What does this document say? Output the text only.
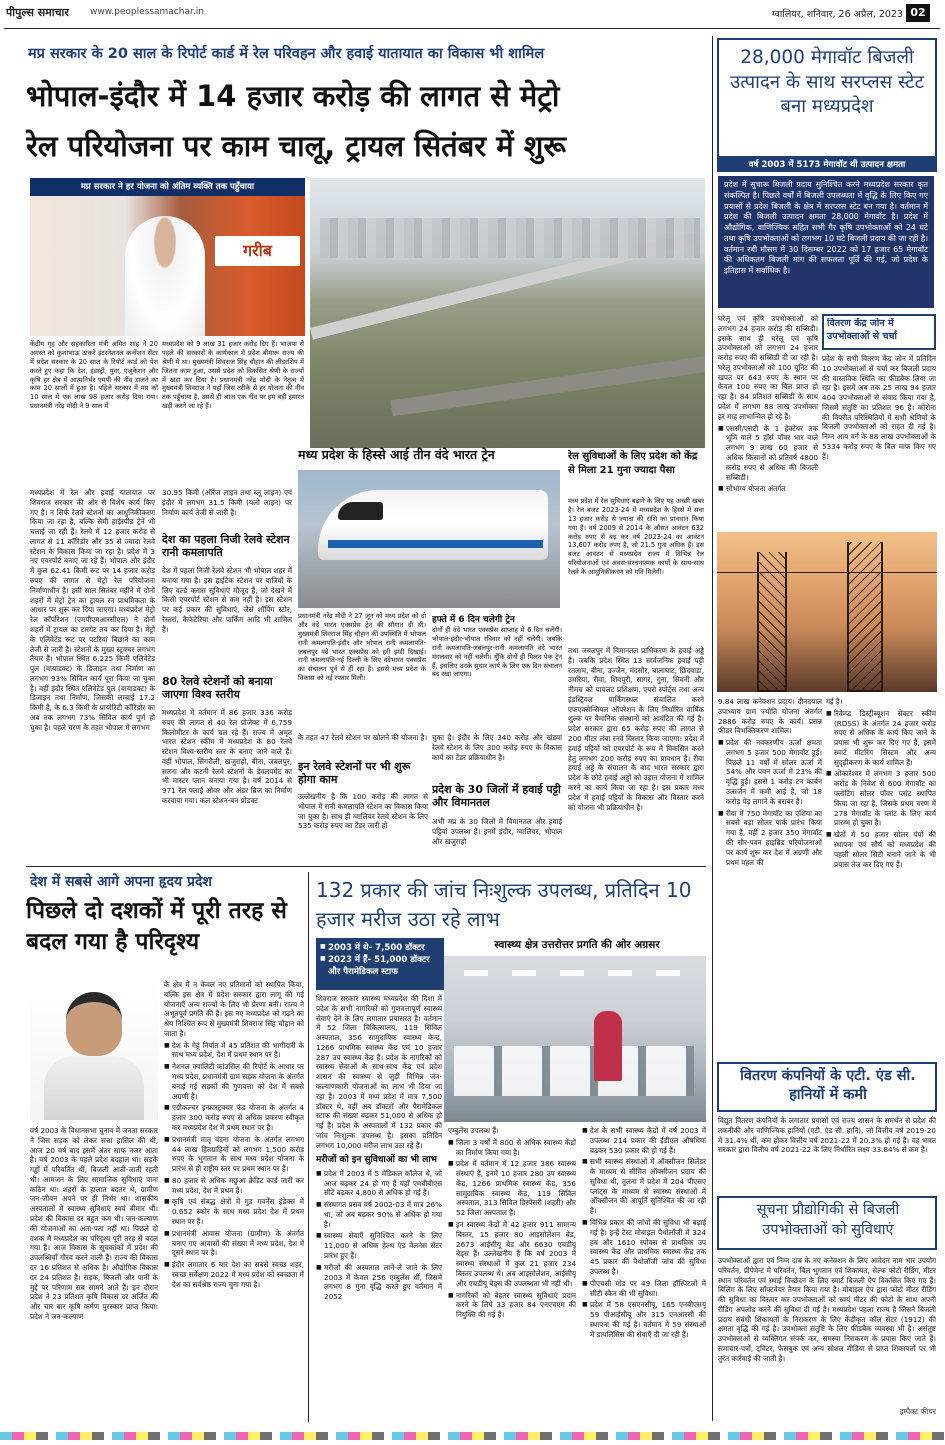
पीपुल्स समाचार	www.peoplessamachar.in	ग्वालियर, शनिवार, 26 अप्रैल, 2023 02
मप्र सरकार के 20 साल के रिपोर्ट कार्ड में रेल परिवहन और हवाई यातायात का विकास भी शामिल
भोपाल-इंदौर में 14 हजार करोड़ की लागत से मेट्रो
रेल परियोजना पर काम चालू, ट्रायल सितंबर में शुरू
मप्र सरकार ने हर योजना को अंतिम व्यक्ति तक पहुँचाया
गरीब
केंद्रीय गृह और सहकारिता मंत्री अमित शाह ने 20 अगस्त को कुशाभाऊ ठाकरे इंटरनेशनल कन्वेंशन सेंटर में प्रदेश सरकार के 20 साल के रिपोर्ट कार्ड को पेश करते हुए कहा कि देश, इंडस्ट्री, युवा, एजुकेशन और कृषि हर क्षेत्र में आत्मनिर्भर एमपी की नींव डालने का काम 20 सालों में हुआ है। पहिले सरकार में मप्र को 10 साल में एक लाख 98 हजार करोड़ दिया गया। प्रधानमंत्री नरेंद्र मोदी ने 9 साल में
मध्यप्रदेश को 9 लाख 31 हजार करोड़ दिए हैं। भाजपा से पहले की सरकारों के कार्यकाल में प्रदेश बीमारू राज्य की श्रेणी में था। मुख्यमंत्री शिवराज सिंह चौहान की लीडरशिप में जितना काम हुआ, उससे प्रदेश को विकसित श्रेणी के राज्यों में खड़ा कर दिया है। प्रधानमंत्री नरेंद्र मोदी के नेतृत्व में मुख्यमंत्री शिवराज ने यहाँ जिस तरीके से हर योजना की नींव तक पहुँचाया है, उससे ही आज एक नींव पर हम बड़ी इमारत खड़ी करने जा रहे हैं।
मध्य प्रदेश के हिस्से आई तीन वंदे भारत ट्रेन
प्रधानमंत्री नरेंद्र मोदी ने 27 जून को मध्य प्रदेश को दो और वंदे भारत एक्सप्रेस ट्रेन की सौगात दी थी। मुख्यमंत्री शिवराज सिंह चौहान की उपस्थिति में भोपाल रानी कमलापति-इंदौर और भोपाल रानी कमलापति-जबलपुर वंदे भारत एक्सप्रेस को हरी झंडी दिखाई। रानी कमलापति-नई दिल्ली के लिए वंदेभारत एक्सप्रेस का संचालन पूर्व से ही रहा है। इससे मध्य प्रदेश के विकास को नई रफ्तार मिली।
हफ्ते में 6 दिन चलेगी ट्रेन
दोनों ही वंदे भारत एक्सप्रेस साप्ताह में 6 दिन चलेंगी। भोपाल-इंदौर-भोपाल रविवार को नहीं चलेगी। जबकि रानी कमलापति-जबलपुर-रानी कमलापति वंदे भारत मंगलवार को नहीं चलेगी। यूँकि दोनों ही मिलन पेक ट्रेन हैं, इसलिए उनके सुधार कार्य के लिए एक दिन संचालन बंद रखा जाएगा।
रेल सुविधाओं के लिए प्रदेश को केंद्र से मिला 21 गुना ज्यादा पैसा
मध्य प्रदेश में रेल सुविधाएं बढ़ाने के लिए यह अच्छी खबर है। रेल बजट 2023-24 में मध्यप्रदेश के हिस्से में सवा 13 हजार करोड़ से ज्यादा की राशि का प्रावधान किया गया है। वर्ष 2009 से 2014 के औसत आवंटन 632 करोड़ रुपए से बढ़ कर वर्ष 2023-24 का आवंटन 13,607 करोड़ रुपए है, जो 21.5 गुना अधिक है। इस बजट आवंटन से मध्यप्रदेश राज्य में विभिन्न रेल परियोजनाओं एवं अवसं-संरचनात्मक कार्यों के साथ-साथ रेलवे के आधुनिकीकरण को गति मिलेगी।
मध्यप्रदेश में रेल और हवाई यातायात पर शिवराज सरकार की ओर से विशेष कार्य किए गए हैं। न सिर्फ रेलवे स्टेशनों का आधुनिकीकरण किया जा रहा है, बल्कि सेमी हाईस्पीड ट्रेनें भी चलाई जा रही हैं। रेलवे में 12 हजार करोड़ से लागत से 11 कॉरिडोर और 35 से ज्यादा रेलवे स्टेशन के विकास किया जा रहा है। प्रदेश में 3 नए एयरपोर्ट बनाए जा रहे हैं। भोपाल और इंदौर में कुल 62.41 किमी रूट पर 14 हजार करोड़ रुपए की लागत से मेट्रो रेल परियोजना निर्माणाधीन है। इसी साल सितंबर महीने में दोनों शहरों में मेट्रो ट्रेन का ट्रायल रन प्राथमिकता के आधार पर शुरू कर दिया जाएगा। मध्यप्रदेश मेट्रो रेल कॉर्पोरेशन (एमपीएमआरसीएल) ने दोनों शहरों में ट्रायल का टारगेट तय कर दिया है। मेट्रो के एलिवेटेड रूट पर पटरियां बिछाने का काम तेजी से जारी है। स्टेशनों के मुख्य स्ट्रक्चर लगभग तैयार हैं। भोपाल स्थित 6.225 किमी एलिवेटेड पुल (वायाडक्ट) के डिजाइन तथा निर्माण का लगभग 93% सिविल कार्य पूरा किया जा चुका है। वहीं इंदौर स्थित एलिवेटेड पुल (वायाडक्ट) के डिजाइन तथा निर्माण, जिसकी लम्बाई 17.2 किमी है, के 6.3 किमी के प्रायोरिटी कॉरिडोर का अब तक लगभग 73% सिविल कार्य पूर्ण हो चुका है। पहले चरण के तहत भोपाल में लगभग
30.95 किमी (ऑरेंज लाइन तथा ब्लू लाइन) एवं इंदौर में लगभग 31.5 किमी (यलो लाइन) पर निर्माण कार्य तेजी से जारी है।
देश का पहला निजी रेलवे स्टेशन रानी कमलापति
देश में पहला निजी रेलवे स्टेशन भी भोपाल शहर में बनाया गया है। इस हाईटेक स्टेशन पर यात्रियों के लिए वर्ल्ड क्लास सुविधाएं मौजूद हैं, जो देखने में किसी एयरपोर्ट स्टेशन से कम नहीं है। इस स्टेशन पर कई प्रकार की सुविधाएं, जैसे शॉपिंग स्टोर, रेस्तरां, कैफेटेरिया और पार्किंग आदि भी शामिल हैं।
80 रेलवे स्टेशनों को बनाया जाएगा विश्व स्तरीय
मध्यप्रदेश में वर्तमान में 86 हजार 336 करोड़ रुपए की लागत से 40 रेल प्रोजेक्ट में 6,759 किलोमीटर के कार्य चल रहे हैं। राज्य में अमृत भारत स्टेशन स्कीम में मध्यप्रदेश के 80 रेलवे स्टेशन विश्व-स्तरीय स्तर के बनाए जाने वाले हैं। वहीं भोपाल, सिंगरौली, खजुराहो, बीना, जबलपुर, सतना और कटनी रेलवे स्टेशनों के डेवलपमेंट का भी मास्टर प्लान बनाया गया है। वर्ष 2014 से 971 रेल फ्लाई ओवर और अंडर ब्रिज का निर्माण करवाया गया। कल स्टेशन-बन प्रोडक्ट
के तहत 47 रेलवे स्टेशन पर खोलने की योजना है।
इन रेलवे स्टेशनों पर भी शुरू होगा काम
उल्लेखनीय है कि 100 करोड़ की लागत से भोपाल में रानी कमलापति स्टेशन का विकास किया जा चुका है। साथ ही ग्वालियर रेलवे स्टेशन के लिए 535 करोड़ रुपए का टेंडर जारी हो
चुका है। इंदौर के लिए 340 करोड़ और खंडवा रेलवे स्टेशन के लिए 300 करोड़ रुपए के विकास कार्य का टेंडर प्रक्रियाधीन है।
प्रदेश के 30 जिलों में हवाई पट्टी और विमानतल
अभी मप्र के 30 जिलों में विमानतल और हवाई पट्टियां उपलब्ध हैं। इनमें इंदौर, ग्वालियर, भोपाल और खजुराहो
तथा जबलपुर में विमानतल प्राधिकरण के हवाई अड्डे हैं। जबकि प्रदेश स्थित 13 सार्वजनिक हवाई पट्टी रतलाम, बीना, उज्जैन, मंदसौर, बालाघाट, छिंदवाड़ा, उमरिया, रीवा, शिवपुरी, सागर, गुना, सिवनी और नीमच को पायलट प्रशिक्षण, एयरो स्पोर्ट्स तथा अन्य इंडस्ट्रियल पार्किंगस्थल संचालित करने एफएक्सेन्सियल ऑपरेशन के लिए निर्धारित वार्षिक शुल्क पर वैमानिक संस्थानों को आवंटित की गई है। प्रदेश सरकार द्वारा 65 करोड़ रुपए की लागत से 200 मीटर लंबा रनवे विस्तार किया जाएगा। प्रदेश में हवाई पट्टियों को एयरपोर्ट के रूप में विकसित करने हेतु लगभग 200 करोड़ रुपए का प्रावधान है। रीवा हवाई अड्डे के संचालन के बाद भारत सरकार द्वारा प्रदेश के छोटे हवाई अड्डों को उड़ान योजना में शामिल करने का कार्य किया जा रहा है। इस प्रकार मध्य प्रदेश में हवाई पट्टियों के विकास और विस्तार करने को योजना भी प्रक्रियाधीन है।
28,000 मेगावॉट बिजली उत्पादन के साथ सरप्लस स्टेट बना मध्यप्रदेश
वर्ष 2003 में 5173 मेगावॉट थी उत्पादन क्षमता
प्रदेश में सुचारू बिजली प्रदाय सुनिश्चित करने मध्यप्रदेश सरकार कृत संकल्पित है। पिछले वर्षों में बिजली उपलब्धता में वृद्धि के लिए किए गए प्रयासों से प्रदेश बिजली के क्षेत्र में सरप्लस स्टेट बन गया है। वर्तमान में प्रदेश की बिजली उत्पादन क्षमता 28,000 मेगावॉट है। प्रदेश में औद्योगिक, वाणिज्यिक सहित सभी गैर कृषि उपभोक्ताओं को 24 घंटे तथा कृषि उपभोक्ताओं को लगभग 10 घंटे बिजली प्रदाय की जा रही है। वर्तमान रबी मौसम में 30 दिसम्बर 2022 को 17 हजार 65 मेगावॉट की अधिकतम बिजली मांग की सफलता पूर्ति की गई, जो प्रदेश के इतिहास में सर्वाधिक है।

घरेलू एवं कृषि उपभोक्ताओं को लगभग 24 हजार करोड़ की सब्सिडी। इसके साथ ही घरेलू एवं कृषि उपभोक्ताओं को लगभग 24 हजार करोड़ रुपए की सब्सिडी दी जा रही है। घरेलू उपभोक्ताओं को 100 यूनिट की खपत पर 643 रुपए के स्थान पर केवल 100 रुपए का बिल प्राप्त हो रहा है। 84 प्रतिशत सब्सिडी के साथ प्रदेश में लगभग 88 लाख उपभोक्ता हर माह लाभान्वित हो रहे हैं।

■ एससी/एसटी के 1 हेक्टेयर तक भूमि वाले 5 हॉर्स पॉवर भार वाले लगभग 9 लाख 60 हजार से अधिक किसानों को प्रतिवर्ष 4800 करोड़ रुपए से अधिक की बिजली सब्सिडी।

■ सौभाग्य योजना अंतर्गत

वितरण केंद्र जोन में उपभोक्ताओं से चर्चा
प्रदेश के सभी वितरण केंद्र जोन में प्रतिदिन 10 उपभोक्ताओं से चर्चा कर बिजली प्रदाय की वास्तविक स्थिति का फीडबैक लिया जा रहा है। इसमें अब तक 25 लाख 94 हजार 404 उपभोक्ताओं से संवाद किया गया है, जिसमें संतुष्टि का प्रतिशत 96 है। कोरोना की विपरीत परिस्थितियों में सभी श्रेणियों के बिजली उपभोक्ताओं को राहत दी गई है। निम्न आय वर्ग के 88 लाख उपभोक्ताओं के 5334 करोड़ रुपए के बिल माफ किए गए हैं।

9.84 लाख कनेक्शन प्रदाय। दीनदयाल उपाध्याय ग्राम ज्योति योजना अंतर्गत 2886 करोड़ रुपए के कार्य। प्रसन्न फीडर विभक्तिकरण शामिल।

■ प्रदेश की नवकरणीय ऊर्जा क्षमता लगभग 5 हजार 500 मेगावॉट हुई। पिछले 11 वर्षों में सोलर ऊर्जा में 54% और पवन ऊर्जा में 23% की वृद्धि हुई। इससे 1 करोड़ टन कार्बन उत्सर्जन में कमी आई है, जो 18 करोड़ पेड़ लगाने के बराबर है।

■ रीवा में 750 मेगावॉट का एशिया का सबसे बड़ा सोलर पार्क प्रारंभ किया गया है, वहीं 2 हजार 350 मेगावॉट की सौर-पवन हाइब्रिड परियोजनाओं पर कार्य शुरू कर देश में अग्रणी और प्रथम पहल की

गई है।

■ रिवेम्प्ड डिस्ट्रीब्यूशन सेक्टर स्कीम (RDSS) के अंतर्गत 24 हजार करोड़ रुपए से अधिक के कार्य किए जाने के प्रयास भी शुरू कर दिए गए हैं, इसमें स्मार्ट मीटरिंग सिस्टम और अन्य सुदृढ़ीकरण के कार्य शामिल हैं।

■ ओंकारेश्वर में लगभग 3 हजार 500 करोड़ के निवेश से 600 मेगावॉट का फ्लोटिंग सोलर पॉवर प्लांट स्थापित किया जा रहा है, जिसके प्रथम चरण में 278 मेगावॉट के प्लांट के लिए कार्य प्रारम्भ हो चुका है।

■ खेतों में 50 हजार सोलर पंपों की स्थापना एवं सौर्य को मध्यप्रदेश की पहली सोलर सिटी बनाने जाने के भी प्रयास तेज कर दिए गए हैं।

वितरण कंपनियों के एटी. एंड सी. हानियों में कमी
विद्युत वितरण कंपनियों के लगातार प्रयासों एवं राज्य शासन के समर्थन से प्रदेश की तकनीकी और वाणिज्यिक हानियों (एटी. एंड सी. हानि), जो वित्तीय वर्ष 2019-20 में 31.4% थीं, कम होकर वित्तीय वर्ष 2021-22 में 20.3% हो गई हैं। यह भारत सरकार द्वारा वित्तीय वर्ष 2021-22 के लिए निर्धारित लक्ष्य 33.84% से कम है।
सूचना प्रौद्योगिकी से बिजली उपभोक्ताओं को सुविधाएं
उपभोक्ताओं द्वारा एवं निम्न दाब के नए कनेक्शन के लिए आवेदन नाम भार उपयोग परिवर्तन, प्रीपेमेन्ट में परिवर्तन, बिल भुगतान एवं शिकायत, सेल्फ फोटो रीडिंग, मीटर स्थान परिवर्तन एवं स्थाई विच्छेदन के लिए स्मार्ट बिजली ऐप विकसित किए गए हैं। बिलिंग के लिए सॉफ्टवेयर तैयार किया गया है। मोबाइल ऐप द्वारा फोटो मीटर रीडिंग की सुविधा का विस्तार कर उपभोक्ताओं को स्वयं मीटर की फोटो के साथ अपनी रीडिंग अपलोड करने की सुविधा दी गई है। मध्यप्रदेश पहला राज्य है जिसने बिजली प्रदाय संबंधी शिकायतों के निराकरण के लिए केंद्रीकृत कॉल सेंटर (1912) की क्षमता वृद्धि की गई है। उपभोक्ता संतुष्टि के लिए फीडबैक व्यवस्था भी है। असंतुष्ट उपभोक्ताओं से व्यक्तिगत संपर्क कर, समस्या निराकरण के प्रयास किए जाते हैं। समाचार-पत्रों, ट्विटर, फेसबुक एवं अन्य सोशल मीडिया से प्राप्त शिकायतों पर भी तुरंत कार्रवाई की जाती है।
इम्पैक्ट फीचर
देश में सबसे आगे अपना हृदय प्रदेश
पिछले दो दशकों में पूरी तरह से बदल गया है परिदृश्य
वर्ष 2003 के विधानसभा चुनाव में जनता सरकार ने जिस सड़क को लेकर सत्ता हासिल की थी, आज 20 वर्ष बाद इसमें अंतर साफ नजर आता है। वर्ष 2003 के पहले प्रदेश बदहाल था। सड़कें गड्ढों में परिवर्तित थीं, बिजली आती-जाती रहती थी। आमजन के लिए सामाजिक सुविधाएं पाना कठिन था। शहरों के हालात बदतर थे, ग्रामीण जन-जीवन अपने पर ही निर्भर था। शासकीय अस्पतालों में स्वास्थ्य सुविधाएं स्वयं बीमार थीं। प्रदेश की विकास दर बहुत कम थी। जन-कल्याण की योजनाओं का अता-पता नहीं था। पिछले दो दशक में मध्यप्रदेश का परिदृश्य पूरी तरह से बदल गया है। आज विकास के सूचकांकों में प्रदेश की उपलब्धियाँ गौरव करने वाली हैं। राज्य की विकास दर 16 प्रतिशत से अधिक है। औद्योगिक विकास दर 24 प्रतिशत है। सड़क, बिजली और पानी के मुद्दे पर परिणाम सब सामने आते हैं। इन दौरान प्रदेश ने 23 प्रतिशत कृषि विकास दर अर्जित की और चार बार कृषि कर्मण पुरस्कार प्राप्त किया। प्रदेश ने जन-कल्याण

के क्षेत्र में न केवल नए प्रतिमानों को स्थापित किया, बल्कि इस क्षेत्र में प्रदेश सरकार द्वारा लागू की गई योजनाएँ अन्य राज्यों के लिए भी प्रेरणा बनी। राज्य ने अभूतपूर्व प्रगति की है। इस नए मध्यप्रदेश को गढ़ने का श्रेय निश्चित रूप से मुख्यमंत्री शिवराज सिंह चौहान को जाता है।

■ देश के गेहूं निर्यात में 45 प्रतिशत की भागीदारी के साथ मध्य प्रदेश, देश में प्रथम स्थान पर है।

■ नेशनल क्वालिटी कांउसिल की रिपोर्ट के आधार पर मध्य प्रदेश, प्रधानमंत्री ग्राम सड़क योजना के अंतर्गत बनाई गई सड़कों की गुणवत्ता को देश में सबसे अग्रणी है।

■ एग्रीकल्चर इन्फ्रास्ट्रक्चर फंड योजना के अंतर्गत 4 हजार 300 करोड़ रुपए से अधिक प्रकरण स्वीकृत कर मध्यप्रदेश देश में प्रथम स्थान पर है।

■ प्रधानमंत्री मातृ वंदना योजना के अंतर्गत लगभग 44 लाख हितग्राहियों को लगभग 1,500 करोड़ रुपए के भुगतान के साथ मध्य प्रदेश योजना के प्रारंभ से ही राष्ट्रीय स्तर पर प्रथम स्थान पर है।

■ 80 हजार से अधिक मछुआ क्रेडिट कार्ड जारी कर मध्य प्रदेश, देश में प्रथम है।

■ कृषि एवं संबद्ध क्षेत्रों में गुड गवर्नेंस इंडेक्स में 0.652 स्कोर के साथ मध्य प्रदेश देश में प्रथम स्थान पर है।

■ प्रधानमंत्री आवास योजना (ग्रामीण) के अंतर्गत बनाए गए आवासों की संख्या में मध्य प्रदेश, देश में दूसरे स्थान पर है।

■ इंदौर लगातार 6 बार देश का सबसे स्वच्छ शहर, स्वच्छ सर्वेक्षण 2022 में मध्य प्रदेश को स्वच्छता में देश का सर्वश्रेष्ठ राज्य चुना गया है।

132 प्रकार की जांच निःशुल्क उपलब्ध, प्रतिदिन 10 हजार मरीज उठा रहे लाभ
■ 2003 में थे- 7,500 डॉक्टर
■ 2023 में हैं- 51,000 डॉक्टर और पैरामेडिकल स्टाफ
स्वास्थ्य क्षेत्र उत्तरोत्तर प्रगति की ओर अग्रसर

शिवराज सरकार स्वास्थ्य मध्यप्रदेश की दिशा में प्रदेश के सभी नागरिकों को गुणवत्तापूर्ण स्वास्थ्य सेवाएं देने के लिए लगातार प्रयासरत है। वर्तमान में 52 जिला चिकित्सालय, 119 सिविल अस्पताल, 356 सामुदायिक स्वास्थ्य केन्द्र, 1266 प्राथमिक स्वास्थ्य केंद्र एवं 10 हजार 287 उप स्वास्थ्य केंद्र हैं। प्रदेश के नागरिकों को स्वास्थ्य सेवाओं के साथ-साथ केंद्र एवं प्रदेश शासन की स्वास्थ्य से जुड़ी विभिन्न जन-कल्याणकारी योजनाओं का लाभ भी दिया जा रहा है। 2003 में मध्य प्रदेश में मात्र 7,500 डॉक्टर थे, वहीं अब डॉक्टरों और पैरामेडिकल स्टाफ की संख्या बढ़कर 51,000 से अधिक हो गई है। प्रदेश के अस्पतालों में 132 प्रकार की जांच निःशुल्क उपलब्ध है। इसका प्रतिदिन लगभग 10,000 मरीज लाभ उठा रहे हैं।

मरीजों को इन सुविधाओं का भी लाभ

■ प्रदेश में 2003 में 5 मेडिकल कॉलेज थे, जो आज बढ़कर 24 हो गए हैं यहाँ एमबीबीएस सीटें बढ़कर 4,800 से अधिक हो गई हैं।

■ संस्थागत प्रसव वर्ष 2002-03 में मात्र 26% था, जो अब बढ़कर 90% से अधिक हो गया है।

■ स्वास्थ्य सेवाएँ सुनिश्चित करने के लिए 11,000 से अधिक हेल्थ एंड वेलनेस सेंटर प्रारंभ हुए हैं।

■ मरीजों की अस्पताल लाने-ले जाने के लिए 2003 में केवल 256 एम्बुलेंस थीं, जिसमें लगभग 8 गुना वृद्धि करते हुए वर्तमान में 2052

एम्बुलेंस उपलब्ध हैं।

■ जिला 3 वर्षों में 800 से अधिक स्वास्थ्य केंद्रों का निर्माण किया गया है।

■ प्रदेश में वर्तमान में 12 हजार 386 स्वास्थ्य संस्थाएं हैं, इनमें 10 हजार 280 उप स्वास्थ्य केंद्र, 1266 प्राथमिक स्वास्थ्य केंद्र, 356 सामुदायिक स्वास्थ्य केंद्र, 119 सिविल अस्पताल, 313 सिविल डिस्पेंसरी (शहरी) और 52 जिला अस्पताल हैं।

■ इन स्वास्थ्य केंद्रों में 42 हजार 911 सामान्य बिस्तर, 15 हजार 80 आइसोलेशन बेड, 2673 आईसीयू बेड और 6630 एचडीयू बेड्स हैं। उल्लेखनीय है कि वर्ष 2003 में स्वास्थ्य संस्थाओं में कुल 21 हजार 234 बिस्तर उपलब्ध थे। अब आइसोलेशन, आईसीयू और एचडीयू बेड्स की उपलब्धता भी नहीं थी।

■ नागरिकों को बेहतर स्वास्थ्य सुविधाएं प्रदान करने के लिये 33 हजार 84 एनएचएम की नियुक्ति की गई है।

■ देश के सभी स्वास्थ्य केंद्रों में वर्ष 2003 में उपलब्ध 214 प्रकार की ईडीएल औषधियां बढ़कर 530 प्रकार की हो गई हैं।

■ सभी स्वास्थ्य संस्थाओं में ऑक्सीजन सिलेंडर के माध्यम से सीमित ऑक्सीजन प्रदाय की सुविधा थी, तुलना में प्रदेश में 204 पीएसए प्लांट्स के माध्यम से स्वास्थ्य संस्थाओं में ऑक्सीजन की आपूर्ति सुनिश्चित की जा रही है।

■ विभिन्न प्रकार की जांचों की सुविधा भी बढ़ाई गई है। इन्हें टेस्ट मोबाइल पैथोलॉजी में 324 हब और 1610 स्पोक्स से प्राथमिक उप स्वास्थ्य केंद्र और प्राथमिक स्वास्थ्य केंद्र तक 45 प्रकार की पैथोलॉजी जांच की सुविधा उपलब्ध है।

■ पीएचसी मोड पर 49 जिला हॉस्पिटलों में सीटी स्कैन की भी सुविधा।

■ प्रदेश में 58 एसएनसीयू, 165 एनबीएसयू 59 पीआईसीयू और 315 एनआरसी की स्थापना की गई है। वर्तमान में 59 संस्थाओं में डायलिसिस की सेवाएँ दी जा रही हैं।
